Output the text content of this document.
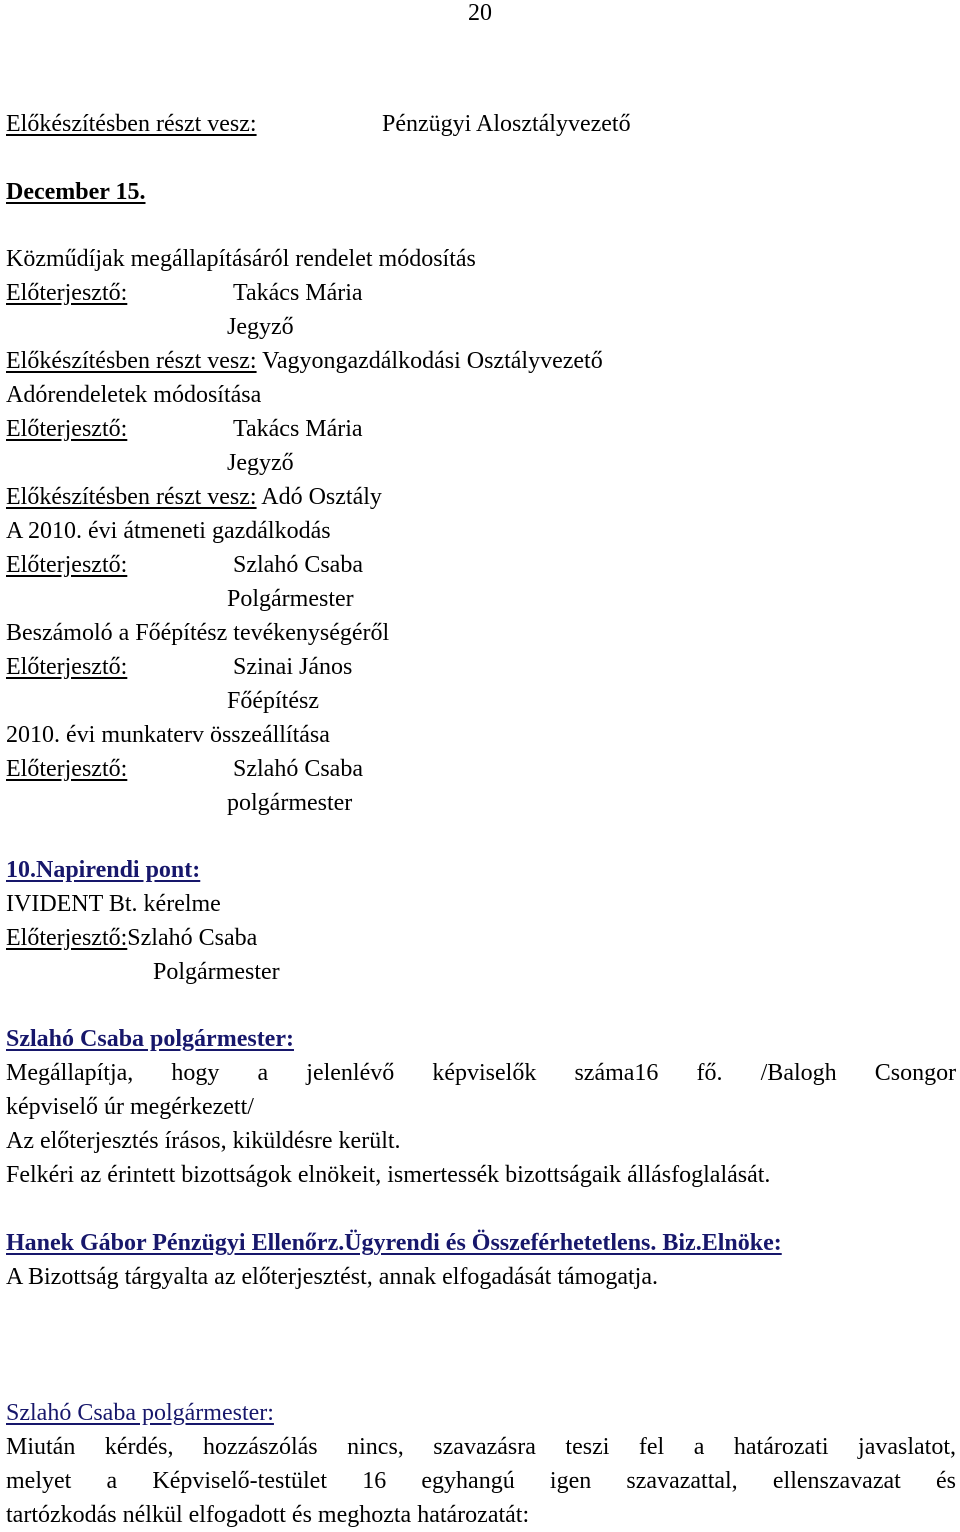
20
Előkészítésben részt vesz:	Pénzügyi Alosztályvezető
December 15.
Közműdíjak megállapításáról rendelet módosítás
Előterjesztő:	Takács Mária
Jegyző
Előkészítésben részt vesz: Vagyongazdálkodási Osztályvezető
Adórendeletek módosítása
Előterjesztő:	Takács Mária
Jegyző
Előkészítésben részt vesz: Adó Osztály
A 2010. évi átmeneti gazdálkodás
Előterjesztő:	Szlahó Csaba
Polgármester
Beszámoló a Főépítész tevékenységéről
Előterjesztő:	Szinai János
Főépítész
2010. évi munkaterv összeállítása
Előterjesztő:	Szlahó Csaba
polgármester
10.Napirendi pont:
IVIDENT Bt. kérelme
Előterjesztő:Szlahó Csaba
Polgármester
Szlahó Csaba polgármester:
Megállapítja, hogy a jelenlévő képviselők száma16 fő. /Balogh Csongor
képviselő úr megérkezett/
Az előterjesztés írásos, kiküldésre került.
Felkéri az érintett bizottságok elnökeit, ismertessék bizottságaik állásfoglalását.
Hanek Gábor Pénzügyi Ellenőrz.Ügyrendi és Összeférhetetlens. Biz.Elnöke:
A Bizottság tárgyalta az előterjesztést, annak elfogadását támogatja.
Szlahó Csaba polgármester:
Miután kérdés, hozzászólás nincs, szavazásra teszi fel a határozati javaslatot,
melyet a Képviselő-testület 16 egyhangú igen szavazattal, ellenszavazat és
tartózkodás nélkül elfogadott és meghozta határozatát:
